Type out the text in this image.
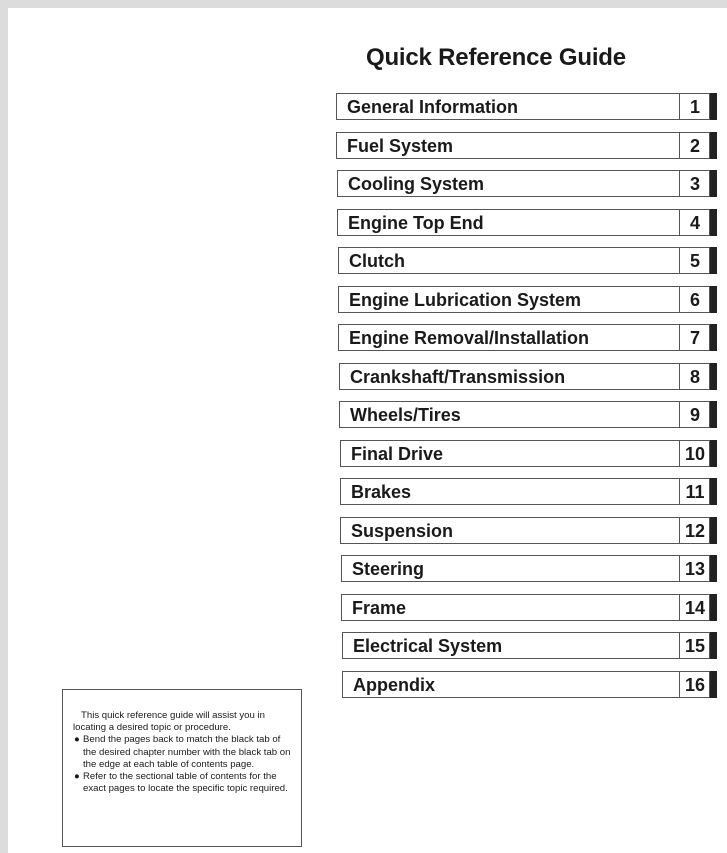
Quick Reference Guide
General Information	1
Fuel System	2
Cooling System	3
Engine Top End	4
Clutch	5
Engine Lubrication System	6
Engine Removal/Installation	7
Crankshaft/Transmission	8
Wheels/Tires	9
Final Drive	10
Brakes	11
Suspension	12
Steering	13
Frame	14
Electrical System	15
Appendix	16

This quick reference guide will assist you in locating a desired topic or procedure.

● Bend the pages back to match the black tab of the desired chapter number with the black tab on the edge at each table of contents page.

● Refer to the sectional table of contents for the exact pages to locate the specific topic required.
